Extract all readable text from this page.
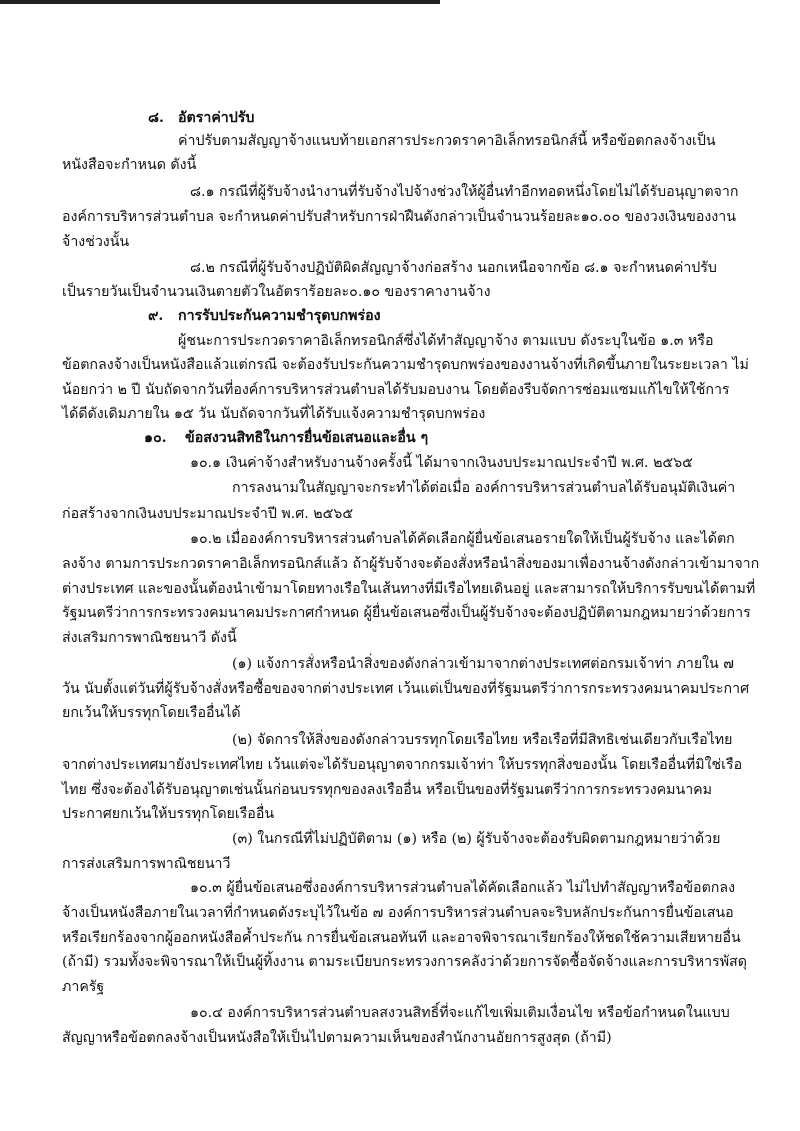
๘. อัตราค่าปรับ
ค่าปรับตามสัญญาจ้างแนบท้ายเอกสารประกวดราคาอิเล็กทรอนิกส์นี้ หรือข้อตกลงจ้างเป็น
หนังสือจะกำหนด ดังนี้
๘.๑ กรณีที่ผู้รับจ้างนำงานที่รับจ้างไปจ้างช่วงให้ผู้อื่นทำอีกทอดหนึ่งโดยไม่ได้รับอนุญาตจาก
องค์การบริหารส่วนตำบล จะกำหนดค่าปรับสำหรับการฝ่าฝืนดังกล่าวเป็นจำนวนร้อยละ๑๐.๐๐ ของวงเงินของงาน
จ้างช่วงนั้น
๘.๒ กรณีที่ผู้รับจ้างปฏิบัติผิดสัญญาจ้างก่อสร้าง นอกเหนือจากข้อ ๘.๑ จะกำหนดค่าปรับ
เป็นรายวันเป็นจำนวนเงินตายตัวในอัตราร้อยละ๐.๑๐ ของราคางานจ้าง
๙. การรับประกันความชำรุดบกพร่อง
ผู้ชนะการประกวดราคาอิเล็กทรอนิกส์ซึ่งได้ทำสัญญาจ้าง ตามแบบ ดังระบุในข้อ ๑.๓ หรือ
ข้อตกลงจ้างเป็นหนังสือแล้วแต่กรณี จะต้องรับประกันความชำรุดบกพร่องของงานจ้างที่เกิดขึ้นภายในระยะเวลา ไม่
น้อยกว่า ๒ ปี นับถัดจากวันที่องค์การบริหารส่วนตำบลได้รับมอบงาน โดยต้องรีบจัดการซ่อมแซมแก้ไขให้ใช้การ
ได้ดีดังเดิมภายใน ๑๕ วัน นับถัดจากวันที่ได้รับแจ้งความชำรุดบกพร่อง
๑๐. ข้อสงวนสิทธิในการยื่นข้อเสนอและอื่น ๆ
๑๐.๑ เงินค่าจ้างสำหรับงานจ้างครั้งนี้ ได้มาจากเงินงบประมาณประจำปี พ.ศ. ๒๕๖๕
การลงนามในสัญญาจะกระทำได้ต่อเมื่อ องค์การบริหารส่วนตำบลได้รับอนุมัติเงินค่า
ก่อสร้างจากเงินงบประมาณประจำปี พ.ศ. ๒๕๖๕
๑๐.๒ เมื่อองค์การบริหารส่วนตำบลได้คัดเลือกผู้ยื่นข้อเสนอรายใดให้เป็นผู้รับจ้าง และได้ตก
ลงจ้าง ตามการประกวดราคาอิเล็กทรอนิกส์แล้ว ถ้าผู้รับจ้างจะต้องสั่งหรือนำสิ่งของมาเพื่องานจ้างดังกล่าวเข้ามาจาก
ต่างประเทศ และของนั้นต้องนำเข้ามาโดยทางเรือในเส้นทางที่มีเรือไทยเดินอยู่ และสามารถให้บริการรับขนได้ตามที่
รัฐมนตรีว่าการกระทรวงคมนาคมประกาศกำหนด ผู้ยื่นข้อเสนอซึ่งเป็นผู้รับจ้างจะต้องปฏิบัติตามกฎหมายว่าด้วยการ
ส่งเสริมการพาณิชยนาวี ดังนี้
(๑) แจ้งการสั่งหรือนำสิ่งของดังกล่าวเข้ามาจากต่างประเทศต่อกรมเจ้าท่า ภายใน ๗
วัน นับตั้งแต่วันที่ผู้รับจ้างสั่งหรือซื้อของจากต่างประเทศ เว้นแต่เป็นของที่รัฐมนตรีว่าการกระทรวงคมนาคมประกาศ
ยกเว้นให้บรรทุกโดยเรืออื่นได้
(๒) จัดการให้สิ่งของดังกล่าวบรรทุกโดยเรือไทย หรือเรือที่มีสิทธิเช่นเดียวกับเรือไทย
จากต่างประเทศมายังประเทศไทย เว้นแต่จะได้รับอนุญาตจากกรมเจ้าท่า ให้บรรทุกสิ่งของนั้น โดยเรืออื่นที่มิใช่เรือ
ไทย ซึ่งจะต้องได้รับอนุญาตเช่นนั้นก่อนบรรทุกของลงเรืออื่น หรือเป็นของที่รัฐมนตรีว่าการกระทรวงคมนาคม
ประกาศยกเว้นให้บรรทุกโดยเรืออื่น
(๓) ในกรณีที่ไม่ปฏิบัติตาม (๑) หรือ (๒) ผู้รับจ้างจะต้องรับผิดตามกฎหมายว่าด้วย
การส่งเสริมการพาณิชยนาวี
๑๐.๓ ผู้ยื่นข้อเสนอซึ่งองค์การบริหารส่วนตำบลได้คัดเลือกแล้ว ไม่ไปทำสัญญาหรือข้อตกลง
จ้างเป็นหนังสือภายในเวลาที่กำหนดดังระบุไว้ในข้อ ๗ องค์การบริหารส่วนตำบลจะริบหลักประกันการยื่นข้อเสนอ
หรือเรียกร้องจากผู้ออกหนังสือค้ำประกัน การยื่นข้อเสนอทันที และอาจพิจารณาเรียกร้องให้ชดใช้ความเสียหายอื่น
(ถ้ามี) รวมทั้งจะพิจารณาให้เป็นผู้ทิ้งงาน ตามระเบียบกระทรวงการคลังว่าด้วยการจัดซื้อจัดจ้างและการบริหารพัสดุ
ภาครัฐ
๑๐.๔ องค์การบริหารส่วนตำบลสงวนสิทธิ์ที่จะแก้ไขเพิ่มเติมเงื่อนไข หรือข้อกำหนดในแบบ
สัญญาหรือข้อตกลงจ้างเป็นหนังสือให้เป็นไปตามความเห็นของสำนักงานอัยการสูงสุด (ถ้ามี)
